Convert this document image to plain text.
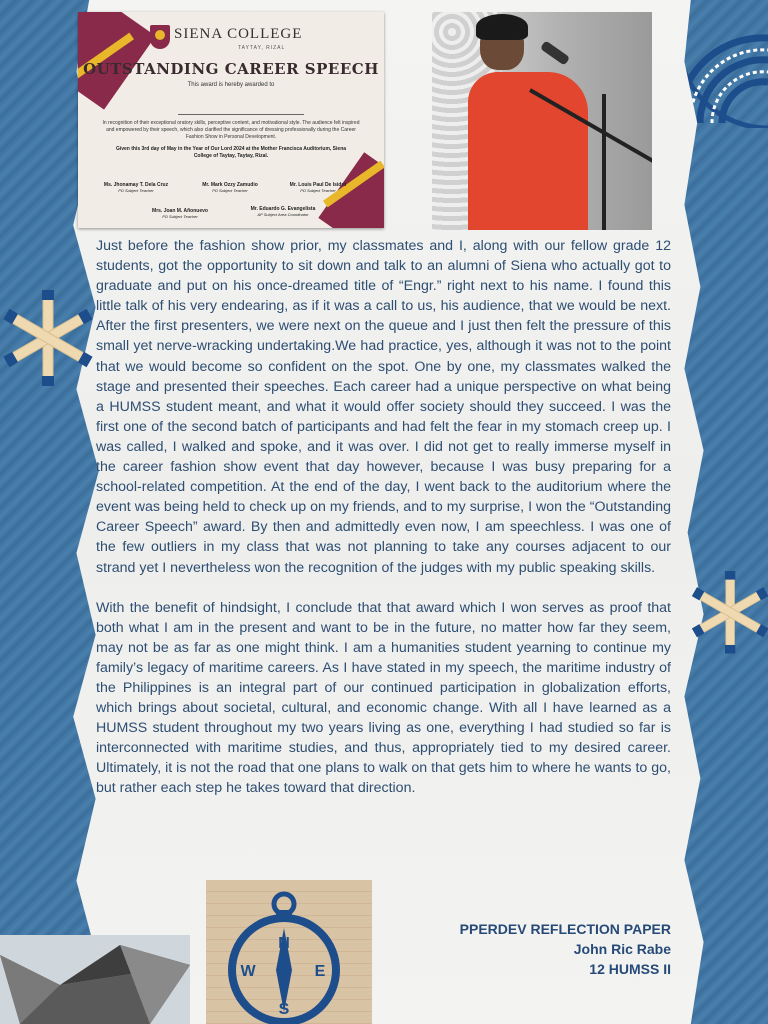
SIENA COLLEGE
TAYTAY, RIZAL
OUTSTANDING CAREER SPEECH
This award is hereby awarded to
In recognition of their exceptional oratory skills, perceptive content, and motivational style. The audience felt inspired and empowered by their speech, which also clarified the significance of dressing professionally during the Career Fashion Show in Personal Development.
Given this 3rd day of May in the Year of Our Lord 2024 at the Mother Francisca Auditorium, Siena College of Taytay, Taytay, Rizal.
Ms. Jhonamay T. Dela Cruz
PD Subject Teacher
Mr. Mark Ozzy Zamudio
PD Subject Teacher
Mr. Louis Paul De Isidro
PD Subject Teacher
Mrs. Joan M. Añonuevo
PD Subject Teacher
Mr. Eduardo G. Evangelista
AP Subject Area Coordinator

Just before the fashion show prior, my classmates and I, along with our fellow grade 12 students, got the opportunity to sit down and talk to an alumni of Siena who actually got to graduate and put on his once-dreamed title of “Engr.” right next to his name. I found this little talk of his very endearing, as if it was a call to us, his audience, that we would be next. After the first presenters, we were next on the queue and I just then felt the pressure of this small yet nerve-wracking undertaking.We had practice, yes, although it was not to the point that we would become so confident on the spot. One by one, my classmates walked the stage and presented their speeches. Each career had a unique perspective on what being a HUMSS student meant, and what it would offer society should they succeed. I was the first one of the second batch of participants and had felt the fear in my stomach creep up. I was called, I walked and spoke, and it was over. I did not get to really immerse myself in the career fashion show event that day however, because I was busy preparing for a school-related competition. At the end of the day, I went back to the auditorium where the event was being held to check up on my friends, and to my surprise, I won the “Outstanding Career Speech” award. By then and admittedly even now, I am speechless. I was one of the few outliers in my class that was not planning to take any courses adjacent to our strand yet I nevertheless won the recognition of the judges with my public speaking skills.

With the benefit of hindsight, I conclude that that award which I won serves as proof that both what I am in the present and want to be in the future, no matter how far they seem, may not be as far as one might think. I am a humanities student yearning to continue my family’s legacy of maritime careers. As I have stated in my speech, the maritime industry of the Philippines is an integral part of our continued participation in globalization efforts, which brings about societal, cultural, and economic change. With all I have learned as a HUMSS student throughout my two years living as one, everything I had studied so far is interconnected with maritime studies, and thus, appropriately tied to my desired career. Ultimately, it is not the road that one plans to walk on that gets him to where he wants to go, but rather each step he takes toward that direction.

N
E
S
W
PPERDEV REFLECTION PAPER
John Ric Rabe
12 HUMSS II
